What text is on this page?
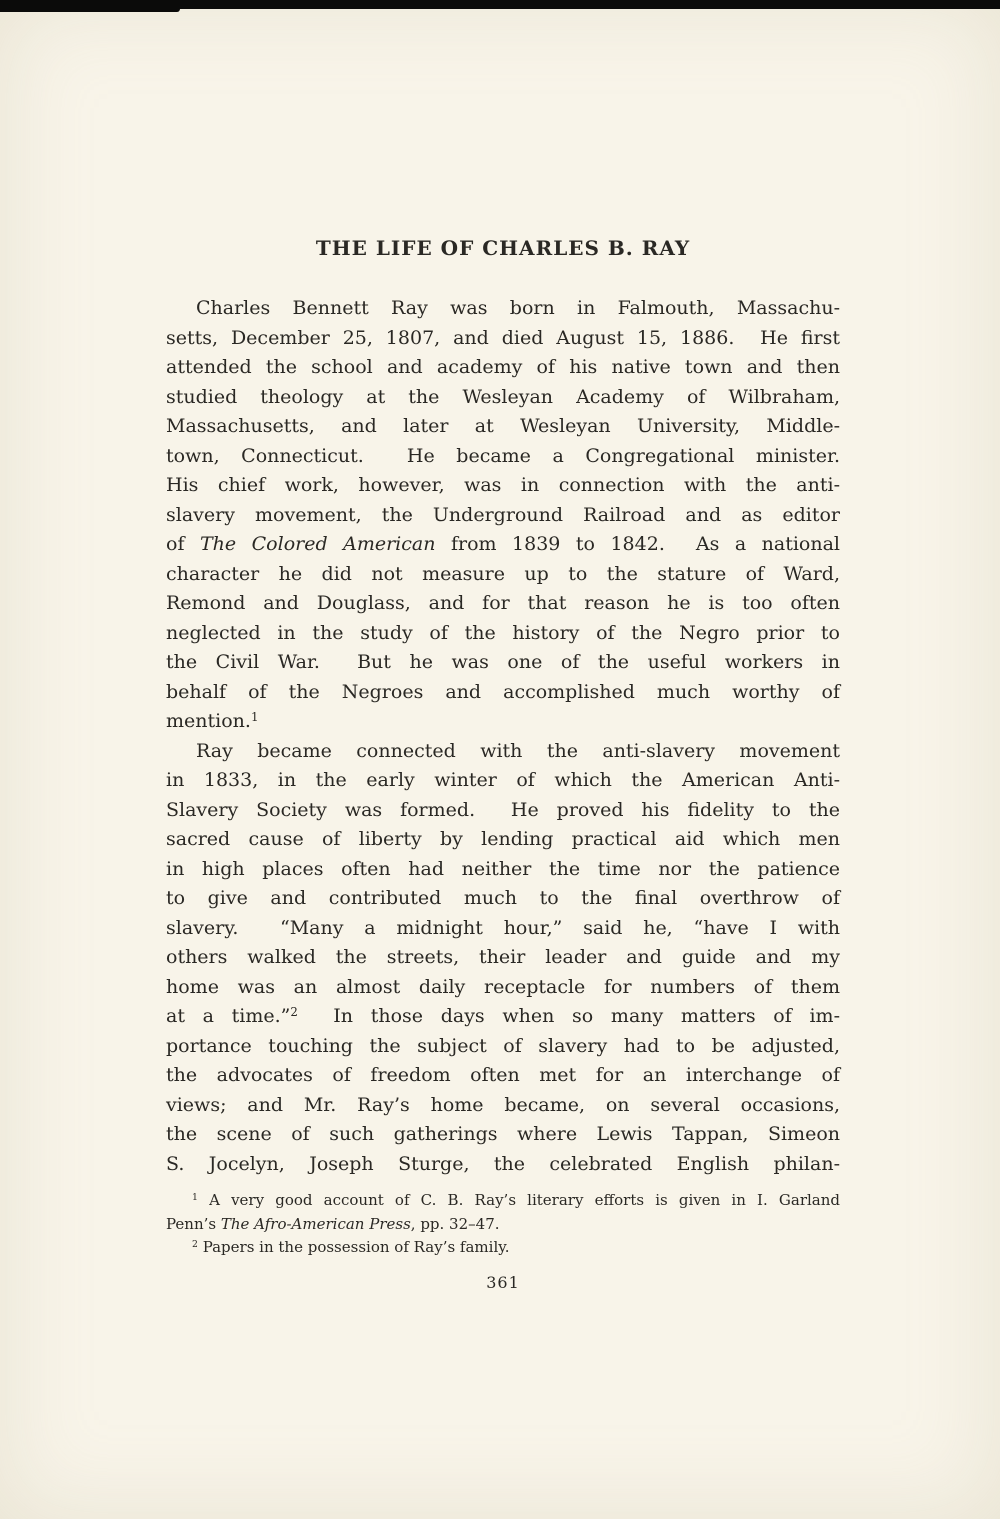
THE LIFE OF CHARLES B. RAY
Charles Bennett Ray was born in Falmouth, Massachu-
setts, December 25, 1807, and died August 15, 1886.  He first
attended the school and academy of his native town and then
studied theology at the Wesleyan Academy of Wilbraham,
Massachusetts, and later at Wesleyan University, Middle-
town, Connecticut.  He became a Congregational minister.
His chief work, however, was in connection with the anti-
slavery movement, the Underground Railroad and as editor
of The Colored American from 1839 to 1842.  As a national
character he did not measure up to the stature of Ward,
Remond and Douglass, and for that reason he is too often
neglected in the study of the history of the Negro prior to
the Civil War.  But he was one of the useful workers in
behalf of the Negroes and accomplished much worthy of
mention.$^1$
Ray became connected with the anti-slavery movement
in 1833, in the early winter of which the American Anti-
Slavery Society was formed.  He proved his fidelity to the
sacred cause of liberty by lending practical aid which men
in high places often had neither the time nor the patience
to give and contributed much to the final overthrow of
slavery.  “Many a midnight hour,” said he, “have I with
others walked the streets, their leader and guide and my
home was an almost daily receptacle for numbers of them
at a time.”$^2$  In those days when so many matters of im-
portance touching the subject of slavery had to be adjusted,
the advocates of freedom often met for an interchange of
views; and Mr. Ray’s home became, on several occasions,
the scene of such gatherings where Lewis Tappan, Simeon
S. Jocelyn, Joseph Sturge, the celebrated English philan-
$^1$ A very good account of C. B. Ray’s literary efforts is given in I. Garland
Penn’s The Afro-American Press, pp. 32–47.
$^2$ Papers in the possession of Ray’s family.
361
